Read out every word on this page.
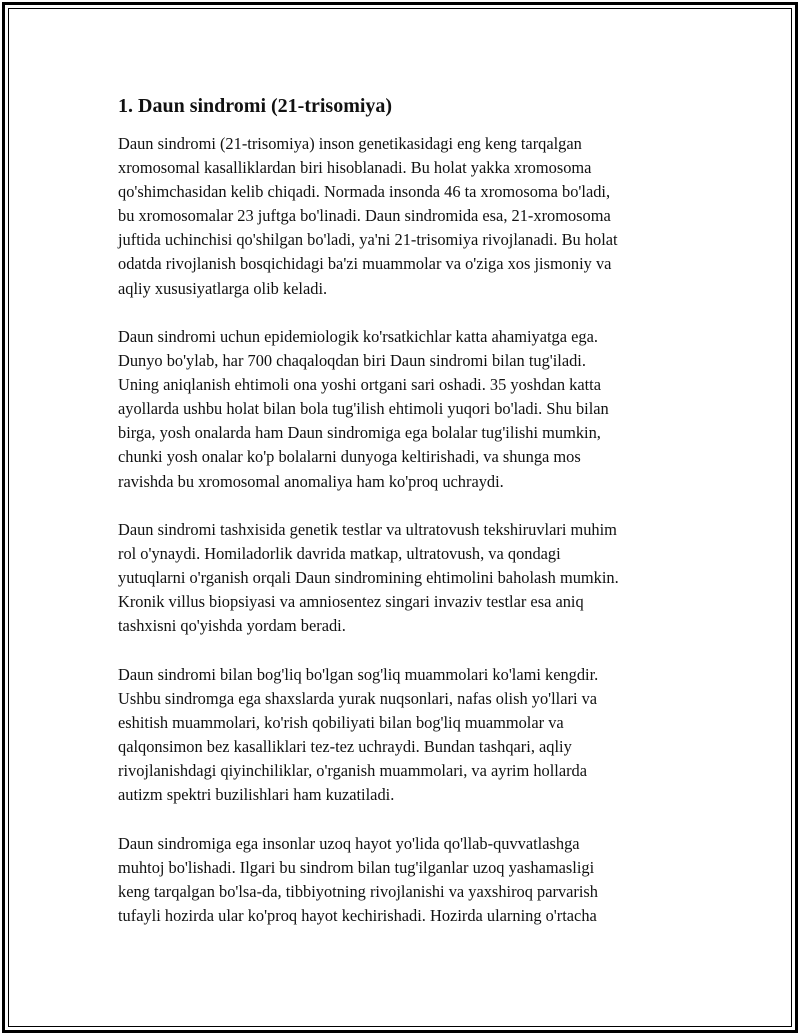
1. Daun sindromi (21-trisomiya)
Daun sindromi (21-trisomiya) inson genetikasidagi eng keng tarqalgan
xromosomal kasalliklardan biri hisoblanadi. Bu holat yakka xromosoma
qo'shimchasidan kelib chiqadi. Normada insonda 46 ta xromosoma bo'ladi,
bu xromosomalar 23 juftga bo'linadi. Daun sindromida esa, 21-xromosoma
juftida uchinchisi qo'shilgan bo'ladi, ya'ni 21-trisomiya rivojlanadi. Bu holat
odatda rivojlanish bosqichidagi ba'zi muammolar va o'ziga xos jismoniy va
aqliy xususiyatlarga olib keladi.
Daun sindromi uchun epidemiologik ko'rsatkichlar katta ahamiyatga ega.
Dunyo bo'ylab, har 700 chaqaloqdan biri Daun sindromi bilan tug'iladi.
Uning aniqlanish ehtimoli ona yoshi ortgani sari oshadi. 35 yoshdan katta
ayollarda ushbu holat bilan bola tug'ilish ehtimoli yuqori bo'ladi. Shu bilan
birga, yosh onalarda ham Daun sindromiga ega bolalar tug'ilishi mumkin,
chunki yosh onalar ko'p bolalarni dunyoga keltirishadi, va shunga mos
ravishda bu xromosomal anomaliya ham ko'proq uchraydi.
Daun sindromi tashxisida genetik testlar va ultratovush tekshiruvlari muhim
rol o'ynaydi. Homiladorlik davrida matkap, ultratovush, va qondagi
yutuqlarni o'rganish orqali Daun sindromining ehtimolini baholash mumkin.
Kronik villus biopsiyasi va amniosentez singari invaziv testlar esa aniq
tashxisni qo'yishda yordam beradi.
Daun sindromi bilan bog'liq bo'lgan sog'liq muammolari ko'lami kengdir.
Ushbu sindromga ega shaxslarda yurak nuqsonlari, nafas olish yo'llari va
eshitish muammolari, ko'rish qobiliyati bilan bog'liq muammolar va
qalqonsimon bez kasalliklari tez-tez uchraydi. Bundan tashqari, aqliy
rivojlanishdagi qiyinchiliklar, o'rganish muammolari, va ayrim hollarda
autizm spektri buzilishlari ham kuzatiladi.
Daun sindromiga ega insonlar uzoq hayot yo'lida qo'llab-quvvatlashga
muhtoj bo'lishadi. Ilgari bu sindrom bilan tug'ilganlar uzoq yashamasligi
keng tarqalgan bo'lsa-da, tibbiyotning rivojlanishi va yaxshiroq parvarish
tufayli hozirda ular ko'proq hayot kechirishadi. Hozirda ularning o'rtacha
